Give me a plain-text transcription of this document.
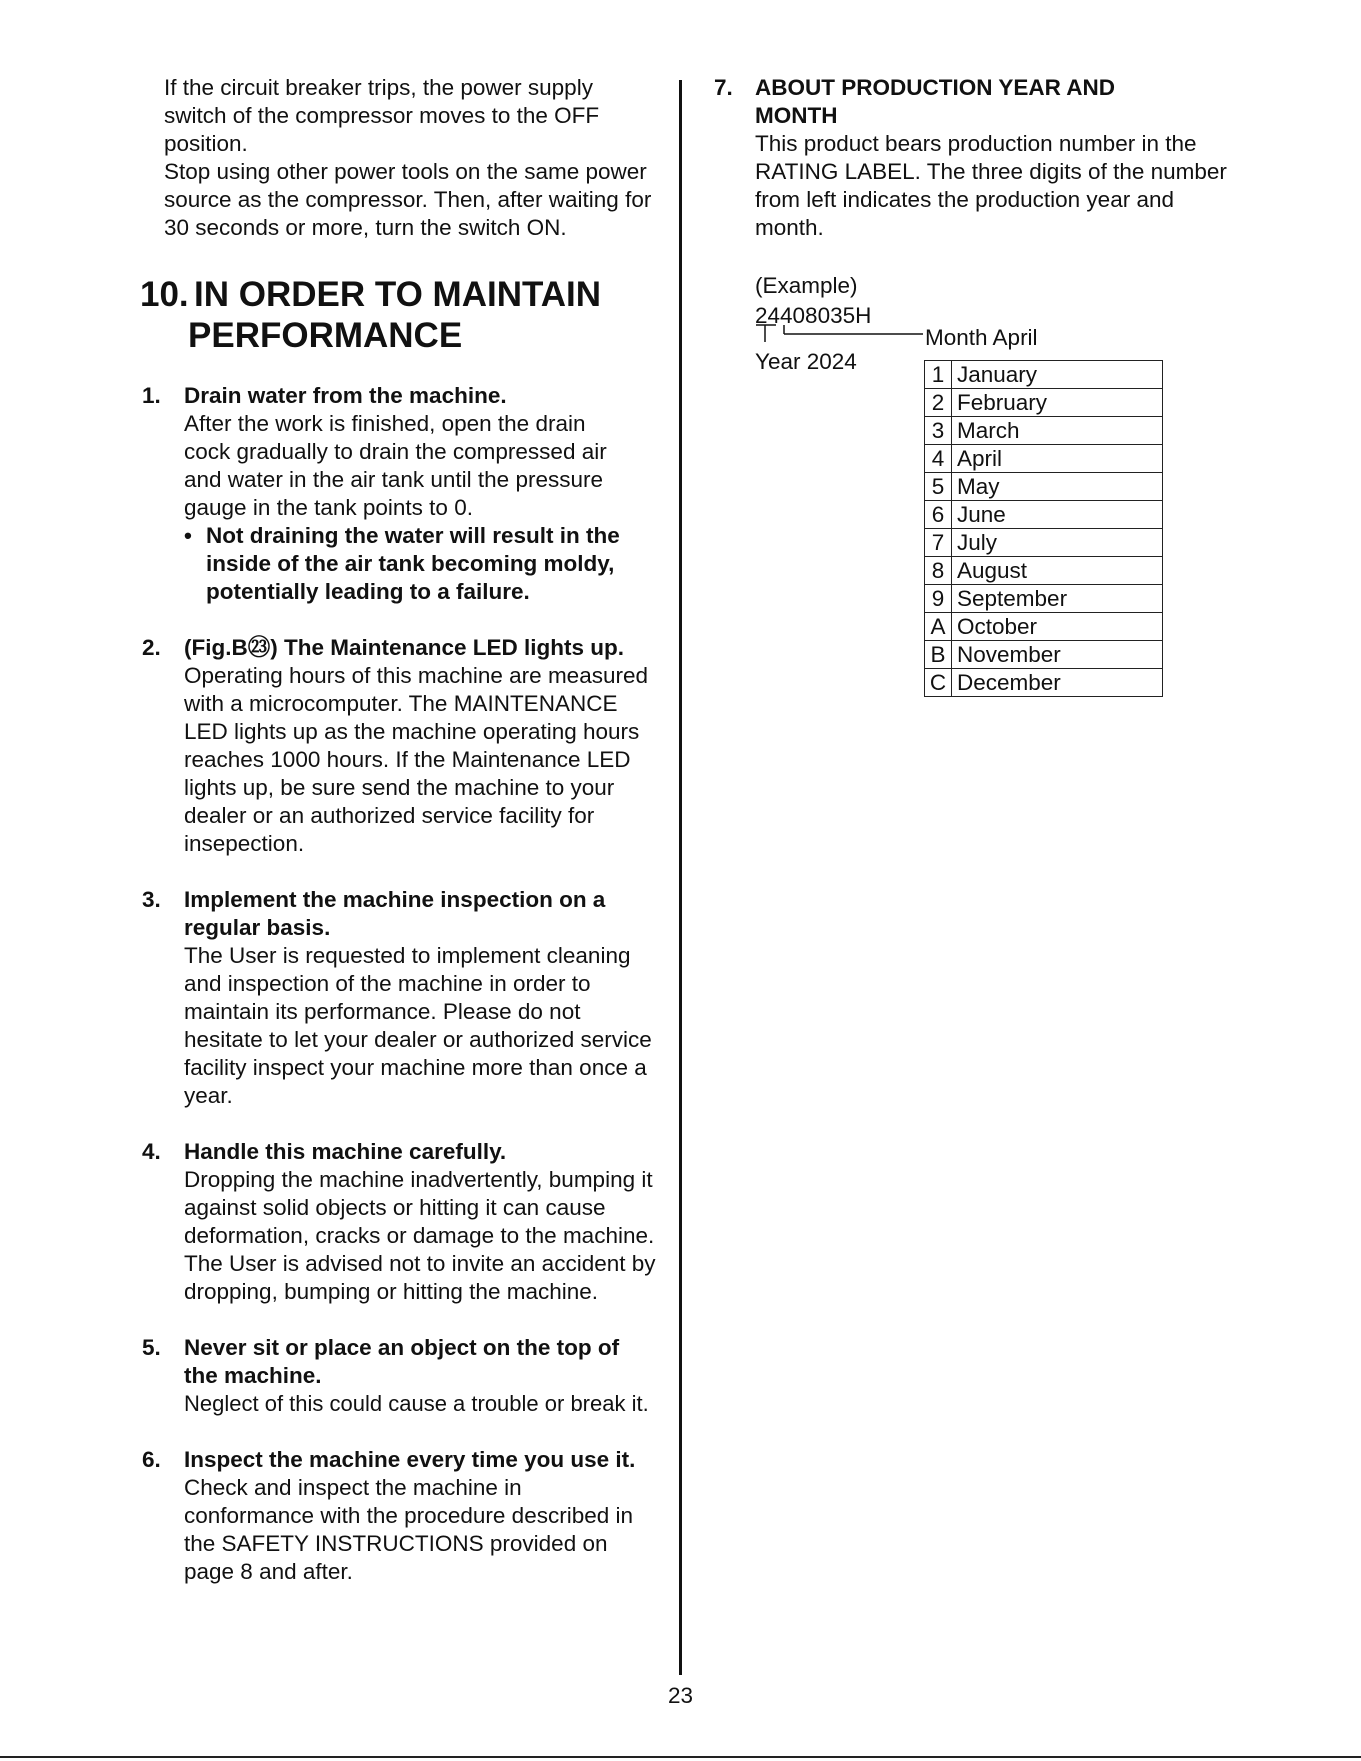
If the circuit breaker trips, the power supply switch of the compressor moves to the OFF position.

Stop using other power tools on the same power source as the compressor. Then, after waiting for 30 seconds or more, turn the switch ON.

10. IN ORDER TO MAINTAIN
PERFORMANCE
1. Drain water from the machine.

After the work is finished, open the drain cock gradually to drain the compressed air and water in the air tank until the pressure gauge in the tank points to 0.

• Not draining the water will result in the inside of the air tank becoming moldy, potentially leading to a failure.
2. (Fig.B㉓) The Maintenance LED lights up.

Operating hours of this machine are measured with a microcomputer. The MAINTENANCE LED lights up as the machine operating hours reaches 1000 hours. If the Maintenance LED lights up, be sure send the machine to your dealer or an authorized service facility for insepection.

3. Implement the machine inspection on a regular basis.

The User is requested to implement cleaning and inspection of the machine in order to maintain its performance. Please do not hesitate to let your dealer or authorized service facility inspect your machine more than once a year.

4. Handle this machine carefully.

Dropping the machine inadvertently, bumping it against solid objects or hitting it can cause deformation, cracks or damage to the machine. The User is advised not to invite an accident by dropping, bumping or hitting the machine.

5. Never sit or place an object on the top of the machine.

Neglect of this could cause a trouble or break it.

6. Inspect the machine every time you use it.

Check and inspect the machine in conformance with the procedure described in the SAFETY INSTRUCTIONS provided on page 8 and after.

7. ABOUT PRODUCTION YEAR AND MONTH

This product bears production number in the RATING LABEL. The three digits of the number from left indicates the production year and month.

(Example)
24408035H
Month April
Year 2024
1	January
2	February
3	March
4	April
5	May
6	June
7	July
8	August
9	September
A	October
B	November
C	December
23
